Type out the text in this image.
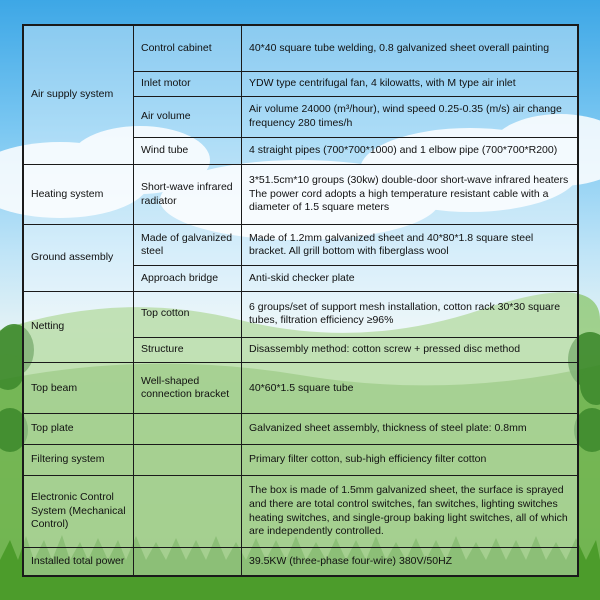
Air supply system	Control cabinet	40*40 square tube welding, 0.8 galvanized sheet overall painting
	Inlet motor	YDW type centrifugal fan, 4 kilowatts, with M type air inlet
	Air volume	Air volume 24000 (m³/hour), wind speed 0.25-0.35 (m/s) air change frequency 280 times/h
	Wind tube	4 straight pipes (700*700*1000) and 1 elbow pipe (700*700*R200)
Heating system	Short-wave infrared radiator	3*51.5cm*10 groups (30kw) double-door short-wave infrared heaters The power cord adopts a high temperature resistant cable with a diameter of 1.5 square meters
Ground assembly	Made of galvanized steel	Made of 1.2mm galvanized sheet and 40*80*1.8 square steel bracket. All grill bottom with fiberglass wool
	Approach bridge	Anti-skid checker plate
Netting	Top cotton	6 groups/set of support mesh installation, cotton rack 30*30 square tubes, filtration efficiency ≥96%
	Structure	Disassembly method: cotton screw + pressed disc method
Top beam	Well-shaped connection bracket	40*60*1.5 square tube
Top plate		Galvanized sheet assembly, thickness of steel plate: 0.8mm
Filtering system		Primary filter cotton, sub-high efficiency filter cotton
Electronic Control System (Mechanical Control)		The box is made of 1.5mm galvanized sheet, the surface is sprayed and there are total control switches, fan switches, lighting switches heating switches, and single-group baking light switches, all of which are independently controlled.
Installed total power		39.5KW (three-phase four-wire) 380V/50HZ
